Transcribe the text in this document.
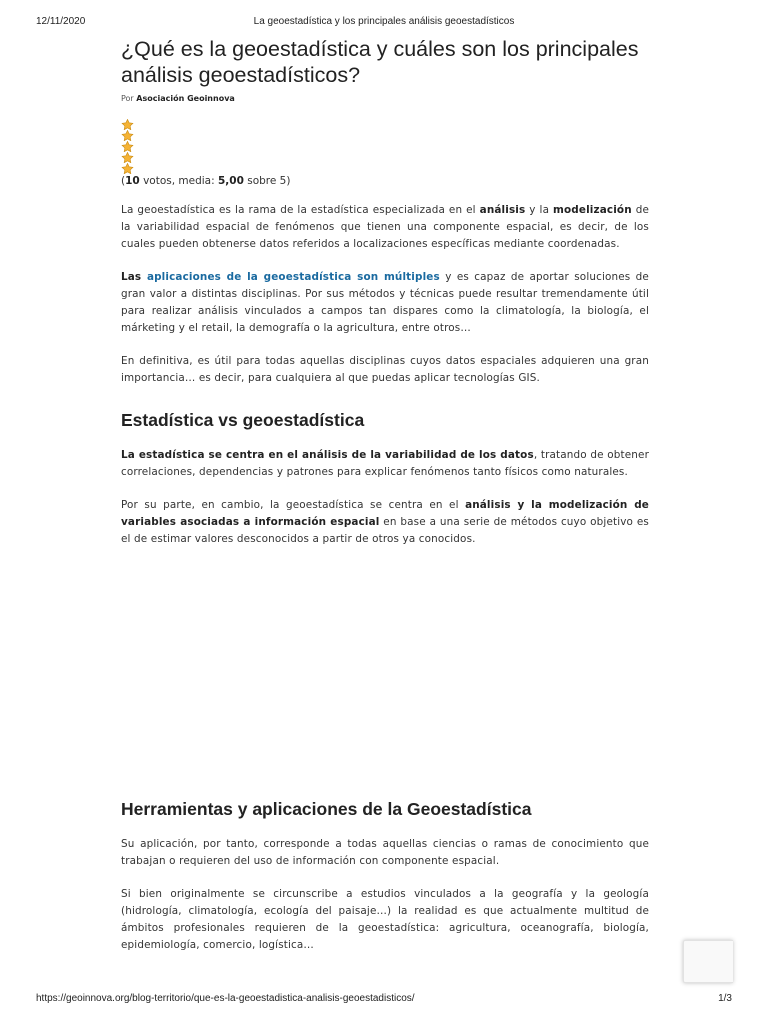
12/11/2020	La geoestadística y los principales análisis geoestadísticos
¿Qué es la geoestadística y cuáles son los principales análisis geoestadísticos?
Por Asociación Geoinnova
(10 votos, media: 5,00 sobre 5)

La geoestadística es la rama de la estadística especializada en el análisis y la modelización de la variabilidad espacial de fenómenos que tienen una componente espacial, es decir, de los cuales pueden obtenerse datos referidos a localizaciones específicas mediante coordenadas.

Las aplicaciones de la geoestadística son múltiples y es capaz de aportar soluciones de gran valor a distintas disciplinas. Por sus métodos y técnicas puede resultar tremendamente útil para realizar análisis vinculados a campos tan dispares como la climatología, la biología, el márketing y el retail, la demografía o la agricultura, entre otros…

En definitiva, es útil para todas aquellas disciplinas cuyos datos espaciales adquieren una gran importancia… es decir, para cualquiera al que puedas aplicar tecnologías GIS.

Estadística vs geoestadística

La estadística se centra en el análisis de la variabilidad de los datos, tratando de obtener correlaciones, dependencias y patrones para explicar fenómenos tanto físicos como naturales.

Por su parte, en cambio, la geoestadística se centra en el análisis y la modelización de variables asociadas a información espacial en base a una serie de métodos cuyo objetivo es el de estimar valores desconocidos a partir de otros ya conocidos.

Herramientas y aplicaciones de la Geoestadística

Su aplicación, por tanto, corresponde a todas aquellas ciencias o ramas de conocimiento que trabajan o requieren del uso de información con componente espacial.

Si bien originalmente se circunscribe a estudios vinculados a la geografía y la geología (hidrología, climatología, ecología del paisaje…) la realidad es que actualmente multitud de ámbitos profesionales requieren de la geoestadística: agricultura, oceanografía, biología, epidemiología, comercio, logística…

https://geoinnova.org/blog-territorio/que-es-la-geoestadistica-analisis-geoestadisticos/	1/3
